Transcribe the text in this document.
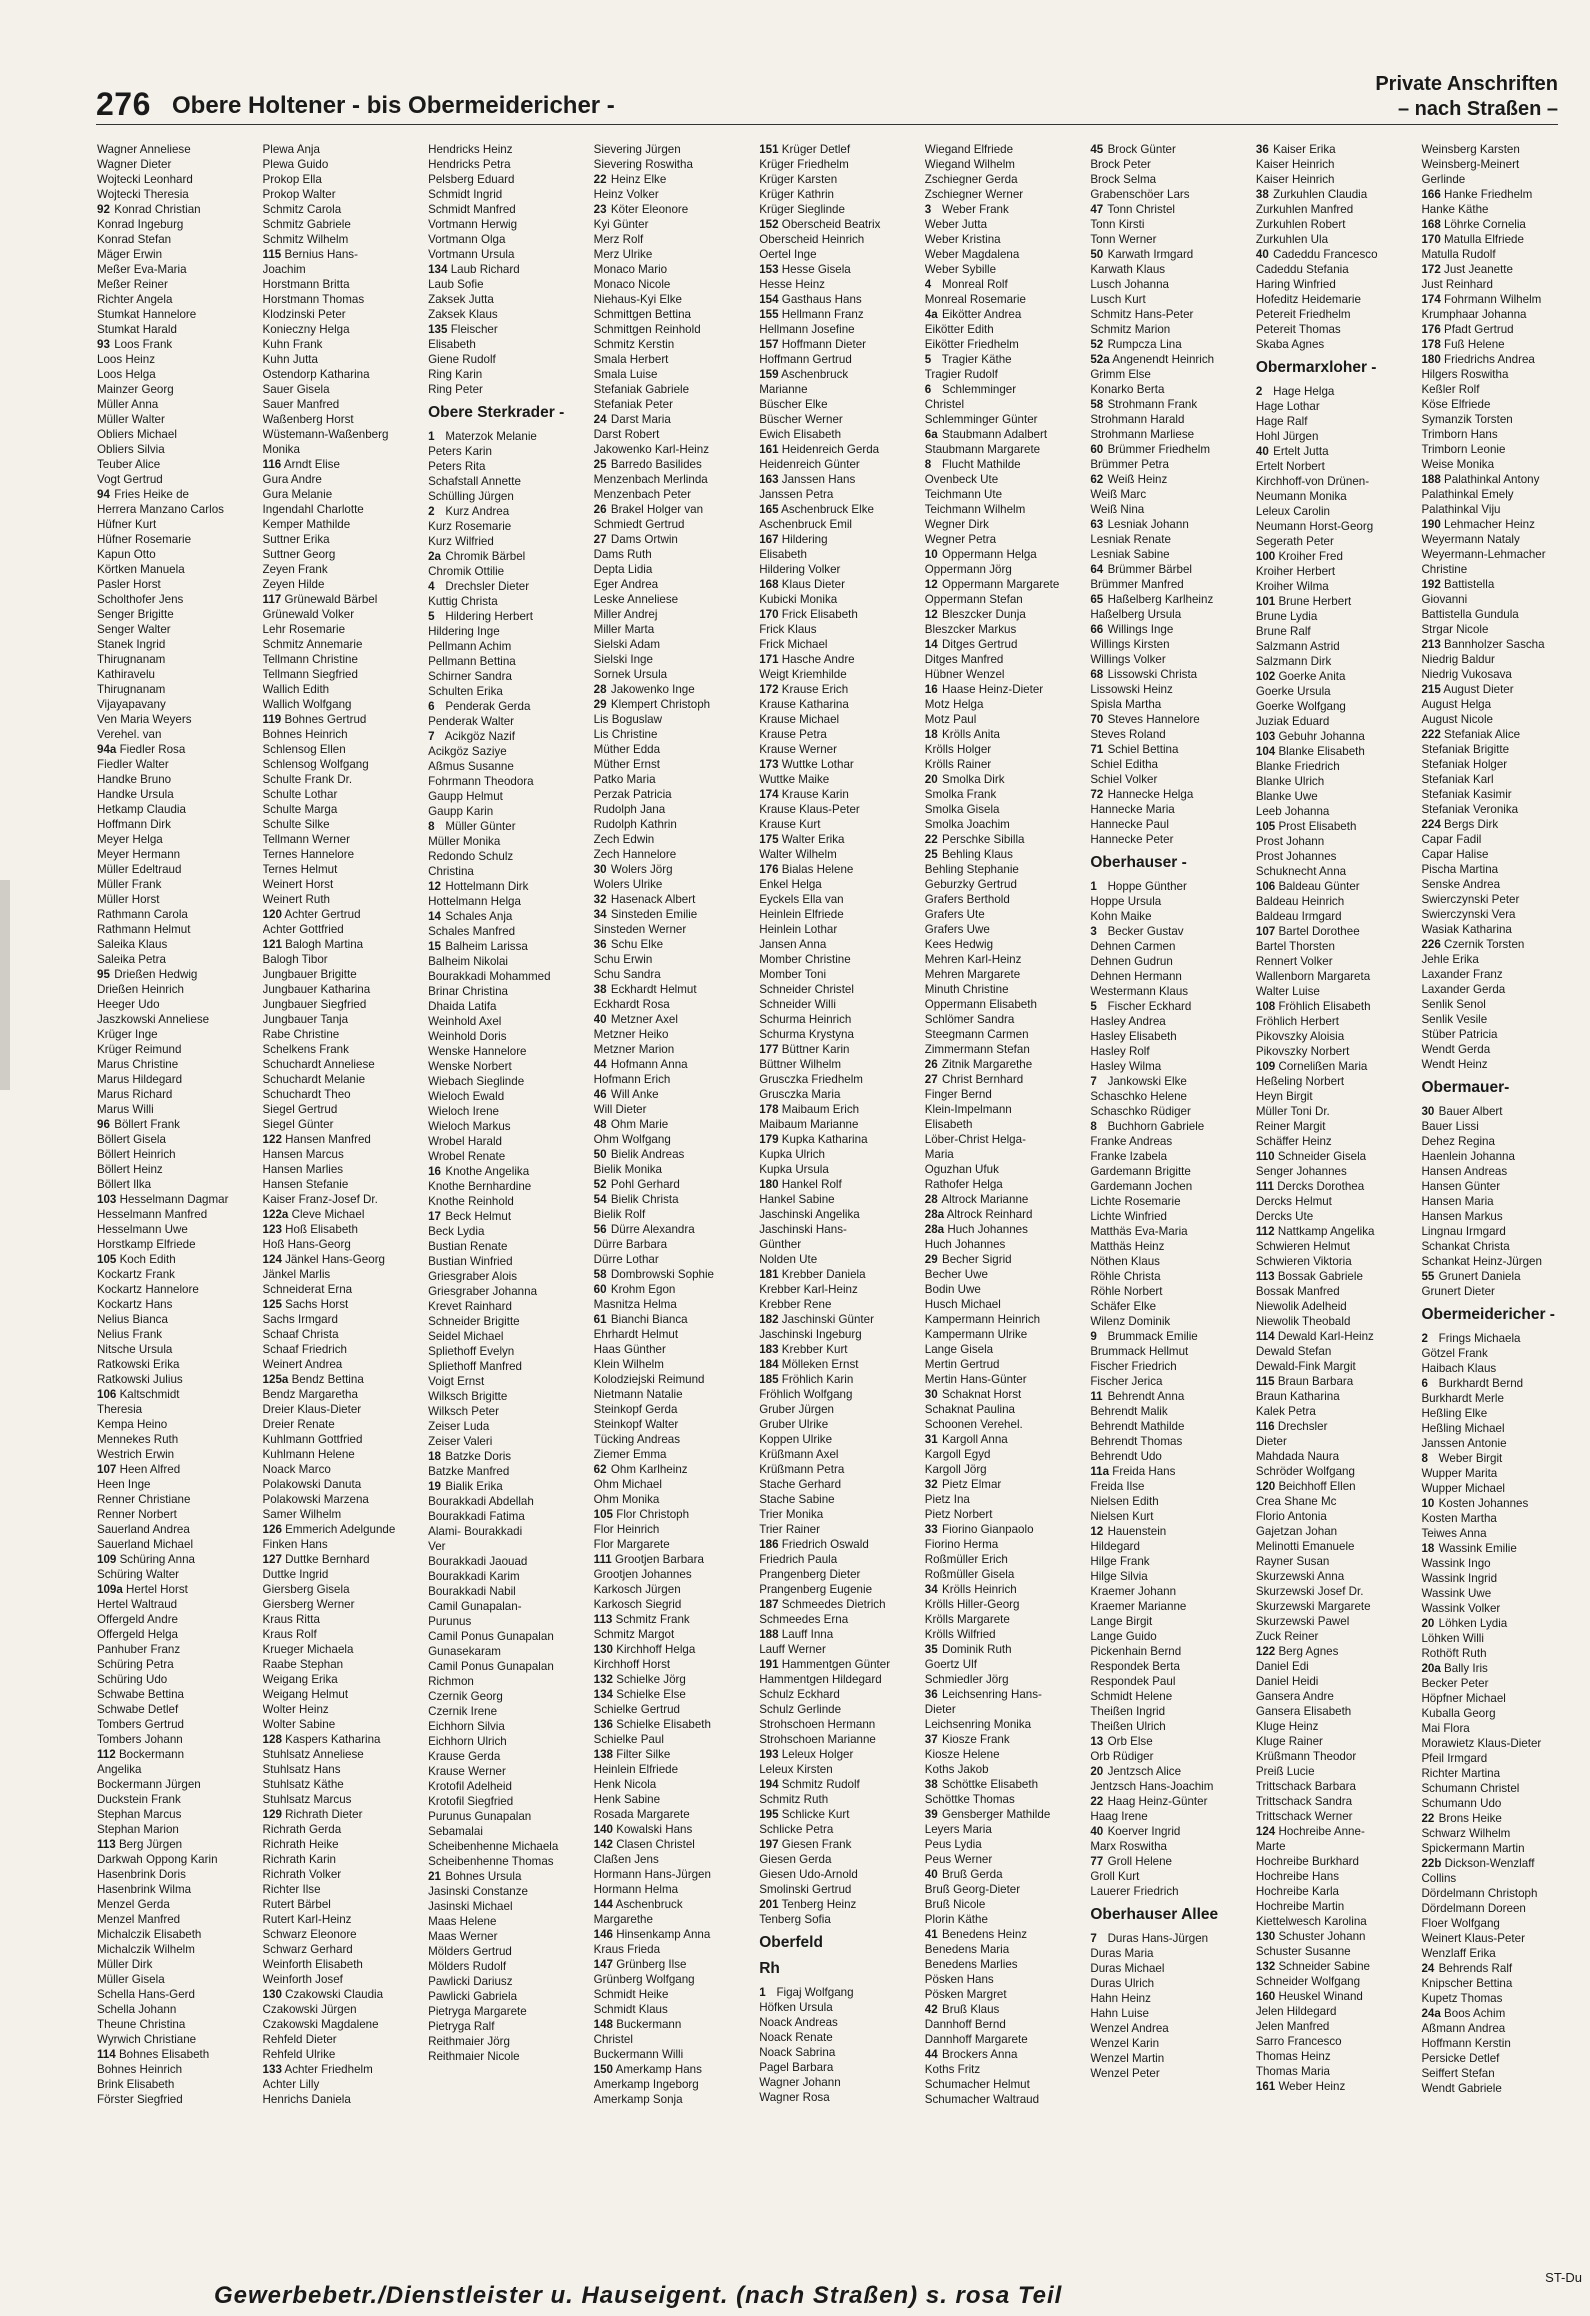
276 Obere Holtener - bis Obermeidericher -
Private Anschriften
– nach Straßen –
Wagner Anneliese
Wagner Dieter
Wojtecki Leonhard
Wojtecki Theresia
92 Konrad Christian
Konrad Ingeburg
Konrad Stefan
Mäger Erwin
Meßer Eva-Maria
Meßer Reiner
Richter Angela
Stumkat Hannelore
Stumkat Harald
93 Loos Frank
Loos Heinz
Loos Helga
Mainzer Georg
Müller Anna
Müller Walter
Obliers Michael
Obliers Silvia
Teuber Alice
Vogt Gertrud
94 Fries Heike de
Herrera Manzano Carlos
Hüfner Kurt
Hüfner Rosemarie
Kapun Otto
Körtken Manuela
Pasler Horst
Scholthofer Jens
Senger Brigitte
Senger Walter
Stanek Ingrid
Thirugnanam
Kathiravelu
Thirugnanam
Vijayapavany
Ven Maria Weyers
Verehel. van
94a Fiedler Rosa
Fiedler Walter
Handke Bruno
Handke Ursula
Hetkamp Claudia
Hoffmann Dirk
Meyer Helga
Meyer Hermann
Müller Edeltraud
Müller Frank
Müller Horst
Rathmann Carola
Rathmann Helmut
Saleika Klaus
Saleika Petra
95 Drießen Hedwig
Drießen Heinrich
Heeger Udo
Jaszkowski Anneliese
Krüger Inge
Krüger Reimund
Marus Christine
Marus Hildegard
Marus Richard
Marus Willi
96 Böllert Frank
Böllert Gisela
Böllert Heinrich
Böllert Heinz
Böllert Ilka
103 Hesselmann Dagmar
Hesselmann Manfred
Hesselmann Uwe
Horstkamp Elfriede
105 Koch Edith
Kockartz Frank
Kockartz Hannelore
Kockartz Hans
Nelius Bianca
Nelius Frank
Nitsche Ursula
Ratkowski Erika
Ratkowski Julius
106 Kaltschmidt
Theresia
Kempa Heino
Mennekes Ruth
Westrich Erwin
107 Heen Alfred
Heen Inge
Renner Christiane
Renner Norbert
Sauerland Andrea
Sauerland Michael
109 Schüring Anna
Schüring Walter
109a Hertel Horst
Hertel Waltraud
Offergeld Andre
Offergeld Helga
Panhuber Franz
Schüring Petra
Schüring Udo
Schwabe Bettina
Schwabe Detlef
Tombers Gertrud
Tombers Johann
112 Bockermann
Angelika
Bockermann Jürgen
Duckstein Frank
Stephan Marcus
Stephan Marion
113 Berg Jürgen
Darkwah Oppong Karin
Hasenbrink Doris
Hasenbrink Wilma
Menzel Gerda
Menzel Manfred
Michalczik Elisabeth
Michalczik Wilhelm
Müller Dirk
Müller Gisela
Schella Hans-Gerd
Schella Johann
Theune Christina
Wyrwich Christiane
114 Bohnes Elisabeth
Bohnes Heinrich
Brink Elisabeth
Förster Siegfried
Plewa Anja
Plewa Guido
Prokop Ella
Prokop Walter
Schmitz Carola
Schmitz Gabriele
Schmitz Wilhelm
115 Bernius Hans-
Joachim
Horstmann Britta
Horstmann Thomas
Klodzinski Peter
Konieczny Helga
Kuhn Frank
Kuhn Jutta
Ostendorp Katharina
Sauer Gisela
Sauer Manfred
Waßenberg Horst
Wüstemann-Waßenberg
Monika
116 Arndt Elise
Gura Andre
Gura Melanie
Ingendahl Charlotte
Kemper Mathilde
Suttner Erika
Suttner Georg
Zeyen Frank
Zeyen Hilde
117 Grünewald Bärbel
Grünewald Volker
Lehr Rosemarie
Schmitz Annemarie
Tellmann Christine
Tellmann Siegfried
Wallich Edith
Wallich Wolfgang
119 Bohnes Gertrud
Bohnes Heinrich
Schlensog Ellen
Schlensog Wolfgang
Schulte Frank Dr.
Schulte Lothar
Schulte Marga
Schulte Silke
Tellmann Werner
Ternes Hannelore
Ternes Helmut
Weinert Horst
Weinert Ruth
120 Achter Gertrud
Achter Gottfried
121 Balogh Martina
Balogh Tibor
Jungbauer Brigitte
Jungbauer Katharina
Jungbauer Siegfried
Jungbauer Tanja
Rabe Christine
Schelkens Frank
Schuchardt Anneliese
Schuchardt Melanie
Schuchardt Theo
Siegel Gertrud
Siegel Günter
122 Hansen Manfred
Hansen Marcus
Hansen Marlies
Hansen Stefanie
Kaiser Franz-Josef Dr.
122a Cleve Michael
123 Hoß Elisabeth
Hoß Hans-Georg
124 Jänkel Hans-Georg
Jänkel Marlis
Schneiderat Erna
125 Sachs Horst
Sachs Irmgard
Schaaf Christa
Schaaf Friedrich
Weinert Andrea
125a Bendz Bettina
Bendz Margaretha
Dreier Klaus-Dieter
Dreier Renate
Kuhlmann Gottfried
Kuhlmann Helene
Noack Marco
Polakowski Danuta
Polakowski Marzena
Samer Wilhelm
126 Emmerich Adelgunde
Finken Hans
127 Duttke Bernhard
Duttke Ingrid
Giersberg Gisela
Giersberg Werner
Kraus Ritta
Kraus Rolf
Krueger Michaela
Raabe Stephan
Weigang Erika
Weigang Helmut
Wolter Heinz
Wolter Sabine
128 Kaspers Katharina
Stuhlsatz Anneliese
Stuhlsatz Hans
Stuhlsatz Käthe
Stuhlsatz Marcus
129 Richrath Dieter
Richrath Gerda
Richrath Heike
Richrath Karin
Richrath Volker
Richter Ilse
Rutert Bärbel
Rutert Karl-Heinz
Schwarz Eleonore
Schwarz Gerhard
Weinforth Elisabeth
Weinforth Josef
130 Czakowski Claudia
Czakowski Jürgen
Czakowski Magdalene
Rehfeld Dieter
Rehfeld Ulrike
133 Achter Friedhelm
Achter Lilly
Henrichs Daniela
Hendricks Heinz
Hendricks Petra
Pelsberg Eduard
Schmidt Ingrid
Schmidt Manfred
Vortmann Herwig
Vortmann Olga
Vortmann Ursula
134 Laub Richard
Laub Sofie
Zaksek Jutta
Zaksek Klaus
135 Fleischer
Elisabeth
Giene Rudolf
Ring Karin
Ring Peter
Obere Sterkrader -
1 Materzok Melanie
Peters Karin
Peters Rita
Schafstall Annette
Schülling Jürgen
2 Kurz Andrea
Kurz Rosemarie
Kurz Wilfried
2a Chromik Bärbel
Chromik Ottilie
4 Drechsler Dieter
Kuttig Christa
5 Hildering Herbert
Hildering Inge
Pellmann Achim
Pellmann Bettina
Schirner Sandra
Schulten Erika
6 Penderak Gerda
Penderak Walter
7 Acikgöz Nazif
Acikgöz Saziye
Aßmus Susanne
Fohrmann Theodora
Gaupp Helmut
Gaupp Karin
8 Müller Günter
Müller Monika
Redondo Schulz
Christina
12 Hottelmann Dirk
Hottelmann Helga
14 Schales Anja
Schales Manfred
15 Balheim Larissa
Balheim Nikolai
Bourakkadi Mohammed
Brinar Christina
Dhaida Latifa
Weinhold Axel
Weinhold Doris
Wenske Hannelore
Wenske Norbert
Wiebach Sieglinde
Wieloch Ewald
Wieloch Irene
Wieloch Markus
Wrobel Harald
Wrobel Renate
16 Knothe Angelika
Knothe Bernhardine
Knothe Reinhold
17 Beck Helmut
Beck Lydia
Bustian Renate
Bustian Winfried
Griesgraber Alois
Griesgraber Johanna
Krevet Rainhard
Schneider Brigitte
Seidel Michael
Spliethoff Evelyn
Spliethoff Manfred
Voigt Ernst
Wilksch Brigitte
Wilksch Peter
Zeiser Luda
Zeiser Valeri
18 Batzke Doris
Batzke Manfred
19 Bialik Erika
Bourakkadi Abdellah
Bourakkadi Fatima
Alami- Bourakkadi
Ver
Bourakkadi Jaouad
Bourakkadi Karim
Bourakkadi Nabil
Camil Gunapalan-
Purunus
Camil Ponus Gunapalan
Gunasekaram
Camil Ponus Gunapalan
Richmon
Czernik Georg
Czernik Irene
Eichhorn Silvia
Eichhorn Ulrich
Krause Gerda
Krause Werner
Krotofil Adelheid
Krotofil Siegfried
Purunus Gunapalan
Sebamalai
Scheibenhenne Michaela
Scheibenhenne Thomas
21 Bohnes Ursula
Jasinski Constanze
Jasinski Michael
Maas Helene
Maas Werner
Mölders Gertrud
Mölders Rudolf
Pawlicki Dariusz
Pawlicki Gabriela
Pietryga Margarete
Pietryga Ralf
Reithmaier Jörg
Reithmaier Nicole
Sievering Jürgen
Sievering Roswitha
22 Heinz Elke
Heinz Volker
23 Köter Eleonore
Kyi Günter
Merz Rolf
Merz Ulrike
Monaco Mario
Monaco Nicole
Niehaus-Kyi Elke
Schmittgen Bettina
Schmittgen Reinhold
Schmitz Kerstin
Smala Herbert
Smala Luise
Stefaniak Gabriele
Stefaniak Peter
24 Darst Maria
Darst Robert
Jakowenko Karl-Heinz
25 Barredo Basilides
Menzenbach Merlinda
Menzenbach Peter
26 Brakel Holger van
Schmiedt Gertrud
27 Dams Ortwin
Dams Ruth
Depta Lidia
Eger Andrea
Leske Anneliese
Miller Andrej
Miller Marta
Sielski Adam
Sielski Inge
Sornek Ursula
28 Jakowenko Inge
29 Klempert Christoph
Lis Boguslaw
Lis Christine
Müther Edda
Müther Ernst
Patko Maria
Perzak Patricia
Rudolph Jana
Rudolph Kathrin
Zech Edwin
Zech Hannelore
30 Wolers Jörg
Wolers Ulrike
32 Hasenack Albert
34 Sinsteden Emilie
Sinsteden Werner
36 Schu Elke
Schu Erwin
Schu Sandra
38 Eckhardt Helmut
Eckhardt Rosa
40 Metzner Axel
Metzner Heiko
Metzner Marion
44 Hofmann Anna
Hofmann Erich
46 Will Anke
Will Dieter
48 Ohm Marie
Ohm Wolfgang
50 Bielik Andreas
Bielik Monika
52 Pohl Gerhard
54 Bielik Christa
Bielik Rolf
56 Dürre Alexandra
Dürre Barbara
Dürre Lothar
58 Dombrowski Sophie
60 Krohm Egon
Masnitza Helma
61 Bianchi Bianca
Ehrhardt Helmut
Haas Günther
Klein Wilhelm
Kolodziejski Reimund
Nietmann Natalie
Steinkopf Gerda
Steinkopf Walter
Tücking Andreas
Ziemer Emma
62 Ohm Karlheinz
Ohm Michael
Ohm Monika
105 Flor Christoph
Flor Heinrich
Flor Margarete
111 Grootjen Barbara
Grootjen Johannes
Karkosch Jürgen
Karkosch Siegrid
113 Schmitz Frank
Schmitz Margot
130 Kirchhoff Helga
Kirchhoff Horst
132 Schielke Jörg
134 Schielke Else
Schielke Gertrud
136 Schielke Elisabeth
Schielke Paul
138 Filter Silke
Heinlein Elfriede
Henk Nicola
Henk Sabine
Rosada Margarete
140 Kowalski Hans
142 Clasen Christel
Claßen Jens
Hormann Hans-Jürgen
Hormann Helma
144 Aschenbruck
Margarethe
146 Hinsenkamp Anna
Kraus Frieda
147 Grünberg Ilse
Grünberg Wolfgang
Schmidt Heike
Schmidt Klaus
148 Buckermann
Christel
Buckermann Willi
150 Amerkamp Hans
Amerkamp Ingeborg
Amerkamp Sonja
151 Krüger Detlef
Krüger Friedhelm
Krüger Karsten
Krüger Kathrin
Krüger Sieglinde
152 Oberscheid Beatrix
Oberscheid Heinrich
Oertel Inge
153 Hesse Gisela
Hesse Heinz
154 Gasthaus Hans
155 Hellmann Franz
Hellmann Josefine
157 Hoffmann Dieter
Hoffmann Gertrud
159 Aschenbruck
Marianne
Büscher Elke
Büscher Werner
Ewich Elisabeth
161 Heidenreich Gerda
Heidenreich Günter
163 Janssen Hans
Janssen Petra
165 Aschenbruck Elke
Aschenbruck Emil
167 Hildering
Elisabeth
Hildering Volker
168 Klaus Dieter
Kubicki Monika
170 Frick Elisabeth
Frick Klaus
Frick Michael
171 Hasche Andre
Weigt Kriemhilde
172 Krause Erich
Krause Katharina
Krause Michael
Krause Petra
Krause Werner
173 Wuttke Lothar
Wuttke Maike
174 Krause Karin
Krause Klaus-Peter
Krause Kurt
175 Walter Erika
Walter Wilhelm
176 Bialas Helene
Enkel Helga
Eyckels Ella van
Heinlein Elfriede
Heinlein Lothar
Jansen Anna
Momber Christine
Momber Toni
Schneider Christel
Schneider Willi
Schurma Heinrich
Schurma Krystyna
177 Büttner Karin
Büttner Wilhelm
Grusczka Friedhelm
Grusczka Maria
178 Maibaum Erich
Maibaum Marianne
179 Kupka Katharina
Kupka Ulrich
Kupka Ursula
180 Hankel Rolf
Hankel Sabine
Jaschinski Angelika
Jaschinski Hans-
Günther
Nolden Ute
181 Krebber Daniela
Krebber Karl-Heinz
Krebber Rene
182 Jaschinski Günter
Jaschinski Ingeburg
183 Krebber Kurt
184 Mölleken Ernst
185 Fröhlich Karin
Fröhlich Wolfgang
Gruber Jürgen
Gruber Ulrike
Koppen Ulrike
Krüßmann Axel
Krüßmann Petra
Stache Gerhard
Stache Sabine
Trier Monika
Trier Rainer
186 Friedrich Oswald
Friedrich Paula
Prangenberg Dieter
Prangenberg Eugenie
187 Schmeedes Dietrich
Schmeedes Erna
188 Lauff Inna
Lauff Werner
191 Hammentgen Günter
Hammentgen Hildegard
Schulz Eckhard
Schulz Gerlinde
Strohschoen Hermann
Strohschoen Marianne
193 Leleux Holger
Leleux Kirsten
194 Schmitz Rudolf
Schmitz Ruth
195 Schlicke Kurt
Schlicke Petra
197 Giesen Frank
Giesen Gerda
Giesen Udo-Arnold
Smolinski Gertrud
201 Tenberg Heinz
Tenberg Sofia
Oberfeld
Rh
1 Figaj Wolfgang
Höfken Ursula
Noack Andreas
Noack Renate
Noack Sabrina
Pagel Barbara
Wagner Johann
Wagner Rosa
Wiegand Elfriede
Wiegand Wilhelm
Zschiegner Gerda
Zschiegner Werner
3 Weber Frank
Weber Jutta
Weber Kristina
Weber Magdalena
Weber Sybille
4 Monreal Rolf
Monreal Rosemarie
4a Eikötter Andrea
Eikötter Edith
Eikötter Friedhelm
5 Tragier Käthe
Tragier Rudolf
6 Schlemminger
Christel
Schlemminger Günter
6a Staubmann Adalbert
Staubmann Margarete
8 Flucht Mathilde
Ovenbeck Ute
Teichmann Ute
Teichmann Wilhelm
Wegner Dirk
Wegner Petra
10 Oppermann Helga
Oppermann Jörg
12 Oppermann Margarete
Oppermann Stefan
12 Bleszcker Dunja
Bleszcker Markus
14 Ditges Gertrud
Ditges Manfred
Hübner Wenzel
16 Haase Heinz-Dieter
Motz Helga
Motz Paul
18 Krölls Anita
Krölls Holger
Krölls Rainer
20 Smolka Dirk
Smolka Frank
Smolka Gisela
Smolka Joachim
22 Perschke Sibilla
25 Behling Klaus
Behling Stephanie
Geburzky Gertrud
Grafers Berthold
Grafers Ute
Grafers Uwe
Kees Hedwig
Mehren Karl-Heinz
Mehren Margarete
Minuth Christine
Oppermann Elisabeth
Schlömer Sandra
Steegmann Carmen
Zimmermann Stefan
26 Zitnik Margarethe
27 Christ Bernhard
Finger Bernd
Klein-Impelmann
Elisabeth
Löber-Christ Helga-
Maria
Oguzhan Ufuk
Rathofer Helga
28 Altrock Marianne
28a Altrock Reinhard
28a Huch Johannes
Huch Johannes
29 Becher Sigrid
Becher Uwe
Bodin Uwe
Husch Michael
Kampermann Heinrich
Kampermann Ulrike
Lange Gisela
Mertin Gertrud
Mertin Hans-Günter
30 Schaknat Horst
Schaknat Paulina
Schoonen Verehel.
31 Kargoll Anna
Kargoll Egyd
Kargoll Jörg
32 Pietz Elmar
Pietz Ina
Pietz Norbert
33 Fiorino Gianpaolo
Fiorino Herma
Roßmüller Erich
Roßmüller Gisela
34 Krölls Heinrich
Krölls Hiller-Georg
Krölls Margarete
Krölls Wilfried
35 Dominik Ruth
Goertz Ulf
Schmiedler Jörg
36 Leichsenring Hans-
Dieter
Leichsenring Monika
37 Kiosze Frank
Kiosze Helene
Koths Jakob
38 Schöttke Elisabeth
Schöttke Thomas
39 Gensberger Mathilde
Leyers Maria
Peus Lydia
Peus Werner
40 Bruß Gerda
Bruß Georg-Dieter
Bruß Nicole
Plorin Käthe
41 Benedens Heinz
Benedens Maria
Benedens Marlies
Pösken Hans
Pösken Margret
42 Bruß Klaus
Dannhoff Bernd
Dannhoff Margarete
44 Brockers Anna
Koths Fritz
Schumacher Helmut
Schumacher Waltraud
45 Brock Günter
Brock Peter
Brock Selma
Grabenschöer Lars
47 Tonn Christel
Tonn Kirsti
Tonn Werner
50 Karwath Irmgard
Karwath Klaus
Lusch Johanna
Lusch Kurt
Schmitz Hans-Peter
Schmitz Marion
52 Rumpcza Lina
52a Angenendt Heinrich
Grimm Else
Konarko Berta
58 Strohmann Frank
Strohmann Harald
Strohmann Marliese
60 Brümmer Friedhelm
Brümmer Petra
62 Weiß Heinz
Weiß Marc
Weiß Nina
63 Lesniak Johann
Lesniak Renate
Lesniak Sabine
64 Brümmer Bärbel
Brümmer Manfred
65 Haßelberg Karlheinz
Haßelberg Ursula
66 Willings Inge
Willings Kirsten
Willings Volker
68 Lissowski Christa
Lissowski Heinz
Spisla Martha
70 Steves Hannelore
Steves Roland
71 Schiel Bettina
Schiel Editha
Schiel Volker
72 Hannecke Helga
Hannecke Maria
Hannecke Paul
Hannecke Peter
Oberhauser -
1 Hoppe Günther
Hoppe Ursula
Kohn Maike
3 Becker Gustav
Dehnen Carmen
Dehnen Gudrun
Dehnen Hermann
Westermann Klaus
5 Fischer Eckhard
Hasley Andrea
Hasley Elisabeth
Hasley Rolf
Hasley Wilma
7 Jankowski Elke
Schaschko Helene
Schaschko Rüdiger
8 Buchhorn Gabriele
Franke Andreas
Franke Izabela
Gardemann Brigitte
Gardemann Jochen
Lichte Rosemarie
Lichte Winfried
Matthäs Eva-Maria
Matthäs Heinz
Nöthen Klaus
Röhle Christa
Röhle Norbert
Schäfer Elke
Wilenz Dominik
9 Brummack Emilie
Brummack Hellmut
Fischer Friedrich
Fischer Jerica
11 Behrendt Anna
Behrendt Malik
Behrendt Mathilde
Behrendt Thomas
Behrendt Udo
11a Freida Hans
Freida Ilse
Nielsen Edith
Nielsen Kurt
12 Hauenstein
Hildegard
Hilge Frank
Hilge Silvia
Kraemer Johann
Kraemer Marianne
Lange Birgit
Lange Guido
Pickenhain Bernd
Respondek Berta
Respondek Paul
Schmidt Helene
Theißen Ingrid
Theißen Ulrich
13 Orb Else
Orb Rüdiger
20 Jentzsch Alice
Jentzsch Hans-Joachim
22 Haag Heinz-Günter
Haag Irene
40 Koerver Ingrid
Marx Roswitha
77 Groll Helene
Groll Kurt
Lauerer Friedrich
Oberhauser Allee
7 Duras Hans-Jürgen
Duras Maria
Duras Michael
Duras Ulrich
Hahn Heinz
Hahn Luise
Wenzel Andrea
Wenzel Karin
Wenzel Martin
Wenzel Peter
36 Kaiser Erika
Kaiser Heinrich
Kaiser Heinrich
38 Zurkuhlen Claudia
Zurkuhlen Manfred
Zurkuhlen Robert
Zurkuhlen Ula
40 Cadeddu Francesco
Cadeddu Stefania
Haring Winfried
Hofeditz Heidemarie
Petereit Friedhelm
Petereit Thomas
Skaba Agnes
Obermarxloher -
2 Hage Helga
Hage Lothar
Hage Ralf
Hohl Jürgen
40 Ertelt Jutta
Ertelt Norbert
Kirchhoff-von Drünen-
Neumann Monika
Leleux Carolin
Neumann Horst-Georg
Segerath Peter
100 Kroiher Fred
Kroiher Herbert
Kroiher Wilma
101 Brune Herbert
Brune Lydia
Brune Ralf
Salzmann Astrid
Salzmann Dirk
102 Goerke Anita
Goerke Ursula
Goerke Wolfgang
Juziak Eduard
103 Gebuhr Johanna
104 Blanke Elisabeth
Blanke Friedrich
Blanke Ulrich
Blanke Uwe
Leeb Johanna
105 Prost Elisabeth
Prost Johann
Prost Johannes
Schuknecht Anna
106 Baldeau Günter
Baldeau Heinrich
Baldeau Irmgard
107 Bartel Dorothee
Bartel Thorsten
Rennert Volker
Wallenborn Margareta
Walter Luise
108 Fröhlich Elisabeth
Fröhlich Herbert
Pikovszky Aloisia
Pikovszky Norbert
109 Cornelißen Maria
Heßeling Norbert
Heyn Birgit
Müller Toni Dr.
Reiner Margit
Schäffer Heinz
110 Schneider Gisela
Senger Johannes
111 Dercks Dorothea
Dercks Helmut
Dercks Ute
112 Nattkamp Angelika
Schwieren Helmut
Schwieren Viktoria
113 Bossak Gabriele
Bossak Manfred
Niewolik Adelheid
Niewolik Theobald
114 Dewald Karl-Heinz
Dewald Stefan
Dewald-Fink Margit
115 Braun Barbara
Braun Katharina
Kalek Petra
116 Drechsler
Dieter
Mahdada Naura
Schröder Wolfgang
120 Beichhoff Ellen
Crea Shane Mc
Florio Antonia
Gajetzan Johan
Melinotti Emanuele
Rayner Susan
Skurzewski Anna
Skurzewski Josef Dr.
Skurzewski Margarete
Skurzewski Pawel
Zuck Reiner
122 Berg Agnes
Daniel Edi
Daniel Heidi
Gansera Andre
Gansera Elisabeth
Kluge Heinz
Kluge Rainer
Krüßmann Theodor
Preiß Lucie
Trittschack Barbara
Trittschack Sandra
Trittschack Werner
124 Hochreibe Anne-
Marte
Hochreibe Burkhard
Hochreibe Hans
Hochreibe Karla
Hochreibe Martin
Kiettelwesch Karolina
130 Schuster Johann
Schuster Susanne
132 Schneider Sabine
Schneider Wolfgang
160 Heuskel Winand
Jelen Hildegard
Jelen Manfred
Sarro Francesco
Thomas Heinz
Thomas Maria
161 Weber Heinz
Weinsberg Karsten
Weinsberg-Meinert
Gerlinde
166 Hanke Friedhelm
Hanke Käthe
168 Löhrke Cornelia
170 Matulla Elfriede
Matulla Rudolf
172 Just Jeanette
Just Reinhard
174 Fohrmann Wilhelm
Krumphaar Johanna
176 Pfadt Gertrud
178 Fuß Helene
180 Friedrichs Andrea
Hilgers Roswitha
Keßler Rolf
Köse Elfriede
Symanzik Torsten
Trimborn Hans
Trimborn Leonie
Weise Monika
188 Palathinkal Antony
Palathinkal Emely
Palathinkal Viju
190 Lehmacher Heinz
Weyermann Nataly
Weyermann-Lehmacher
Christine
192 Battistella
Giovanni
Battistella Gundula
Strgar Nicole
213 Bannholzer Sascha
Niedrig Baldur
Niedrig Vukosava
215 August Dieter
August Helga
August Nicole
222 Stefaniak Alice
Stefaniak Brigitte
Stefaniak Holger
Stefaniak Karl
Stefaniak Kasimir
Stefaniak Veronika
224 Bergs Dirk
Capar Fadil
Capar Halise
Pischa Martina
Senske Andrea
Swierczynski Peter
Swierczynski Vera
Wasiak Katharina
226 Czernik Torsten
Jehle Erika
Laxander Franz
Laxander Gerda
Senlik Senol
Senlik Vesile
Stüber Patricia
Wendt Gerda
Wendt Heinz
Obermauer-
30 Bauer Albert
Bauer Lissi
Dehez Regina
Haenlein Johanna
Hansen Andreas
Hansen Günter
Hansen Maria
Hansen Markus
Lingnau Irmgard
Schankat Christa
Schankat Heinz-Jürgen
55 Grunert Daniela
Grunert Dieter
Obermeidericher -
2 Frings Michaela
Götzel Frank
Haibach Klaus
6 Burkhardt Bernd
Burkhardt Merle
Heßling Elke
Heßling Michael
Janssen Antonie
8 Weber Birgit
Wupper Marita
Wupper Michael
10 Kosten Johannes
Kosten Martha
Teiwes Anna
18 Wassink Emilie
Wassink Ingo
Wassink Ingrid
Wassink Uwe
Wassink Volker
20 Löhken Lydia
Löhken Willi
Rothöft Ruth
20a Bally Iris
Becker Peter
Höpfner Michael
Kuballa Georg
Mai Flora
Morawietz Klaus-Dieter
Pfeil Irmgard
Richter Martina
Schumann Christel
Schumann Udo
22 Brons Heike
Schwarz Wilhelm
Spickermann Martin
22b Dickson-Wenzlaff
Collins
Dördelmann Christoph
Dördelmann Doreen
Floer Wolfgang
Weinert Klaus-Peter
Wenzlaff Erika
24 Behrends Ralf
Knipscher Bettina
Kupetz Thomas
24a Boos Achim
Aßmann Andrea
Hoffmann Kerstin
Persicke Detlef
Seiffert Stefan
Wendt Gabriele
Gewerbebetr./Dienstleister u. Hauseigent. (nach Straßen) s. rosa Teil
ST-Du
